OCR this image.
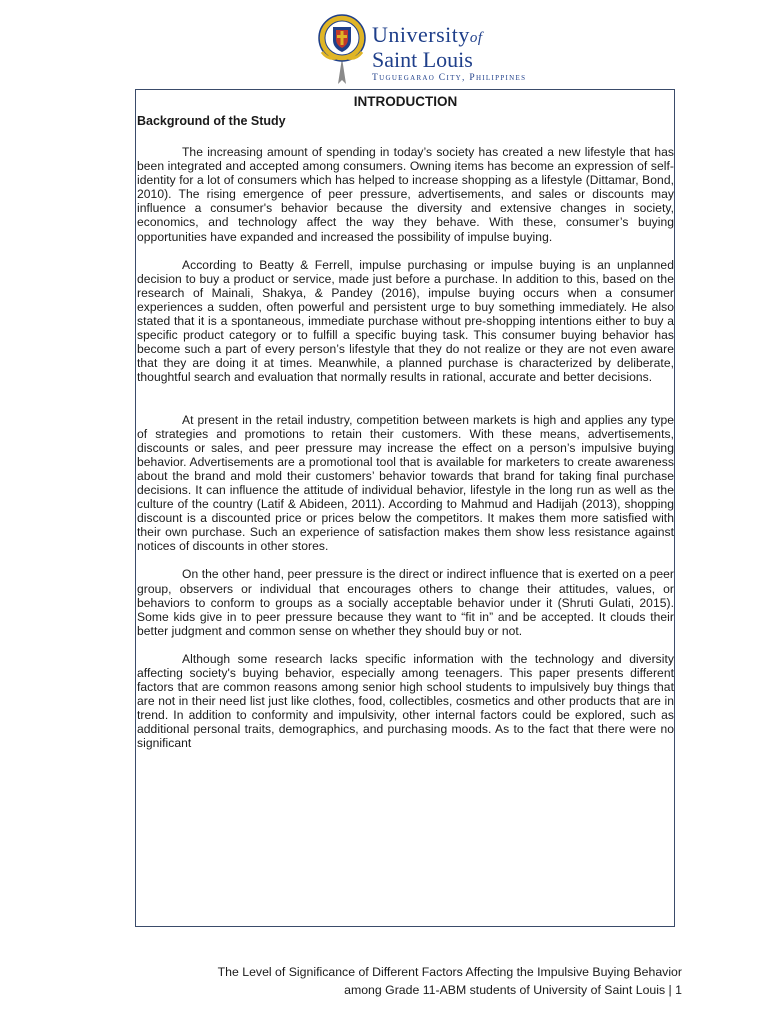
Universityof
Saint Louis
Tuguegarao City, Philippines
INTRODUCTION
Background of the Study

The increasing amount of spending in today’s society has created a new lifestyle that has been integrated and accepted among consumers. Owning items has become an expression of self-identity for a lot of consumers which has helped to increase shopping as a lifestyle (Dittamar, Bond, 2010). The rising emergence of peer pressure, advertisements, and sales or discounts may influence a consumer's behavior because the diversity and extensive changes in society, economics, and technology affect the way they behave. With these, consumer’s buying opportunities have expanded and increased the possibility of impulse buying.

According to Beatty & Ferrell, impulse purchasing or impulse buying is an unplanned decision to buy a product or service, made just before a purchase. In addition to this, based on the research of Mainali, Shakya, & Pandey (2016), impulse buying occurs when a consumer experiences a sudden, often powerful and persistent urge to buy something immediately. He also stated that it is a spontaneous, immediate purchase without pre-shopping intentions either to buy a specific product category or to fulfill a specific buying task. This consumer buying behavior has become such a part of every person’s lifestyle that they do not realize or they are not even aware that they are doing it at times. Meanwhile, a planned purchase is characterized by deliberate, thoughtful search and evaluation that normally results in rational, accurate and better decisions.

At present in the retail industry, competition between markets is high and applies any type of strategies and promotions to retain their customers. With these means, advertisements, discounts or sales, and peer pressure may increase the effect on a person’s impulsive buying behavior. Advertisements are a promotional tool that is available for marketers to create awareness about the brand and mold their customers’ behavior towards that brand for taking final purchase decisions. It can influence the attitude of individual behavior, lifestyle in the long run as well as the culture of the country (Latif & Abideen, 2011). According to Mahmud and Hadijah (2013), shopping discount is a discounted price or prices below the competitors. It makes them more satisfied with their own purchase. Such an experience of satisfaction makes them show less resistance against notices of discounts in other stores.

On the other hand, peer pressure is the direct or indirect influence that is exerted on a peer group, observers or individual that encourages others to change their attitudes, values, or behaviors to conform to groups as a socially acceptable behavior under it (Shruti Gulati, 2015). Some kids give in to peer pressure because they want to “fit in” and be accepted. It clouds their better judgment and common sense on whether they should buy or not.

Although some research lacks specific information with the technology and diversity affecting society's buying behavior, especially among teenagers. This paper presents different factors that are common reasons among senior high school students to impulsively buy things that are not in their need list just like clothes, food, collectibles, cosmetics and other products that are in trend. In addition to conformity and impulsivity, other internal factors could be explored, such as additional personal traits, demographics, and purchasing moods. As to the fact that there were no significant

The Level of Significance of Different Factors Affecting the Impulsive Buying Behavior
among Grade 11-ABM students of University of Saint Louis | 1
